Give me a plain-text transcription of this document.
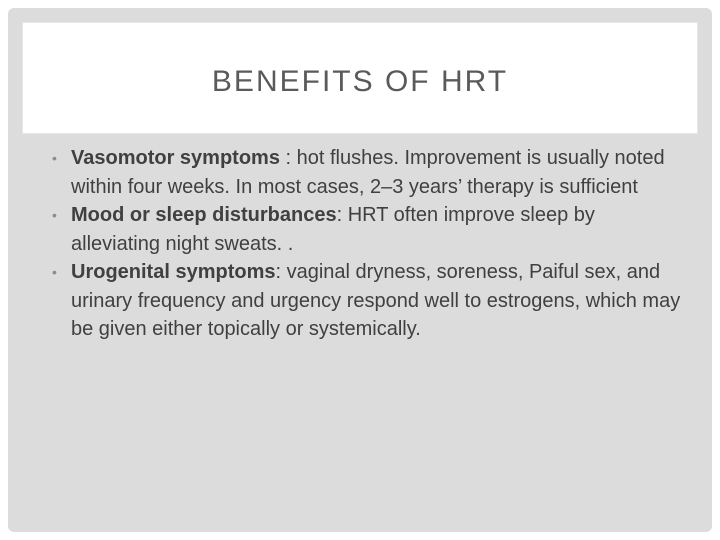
BENEFITS OF HRT
• Vasomotor symptoms : hot flushes. Improvement is usually noted within four weeks. In most cases, 2–3 years’ therapy is sufficient
• Mood or sleep disturbances: HRT often improve sleep by alleviating night sweats. .
• Urogenital symptoms: vaginal dryness, soreness, Paiful sex, and urinary frequency and urgency respond well to estrogens, which may be given either topically or systemically.
